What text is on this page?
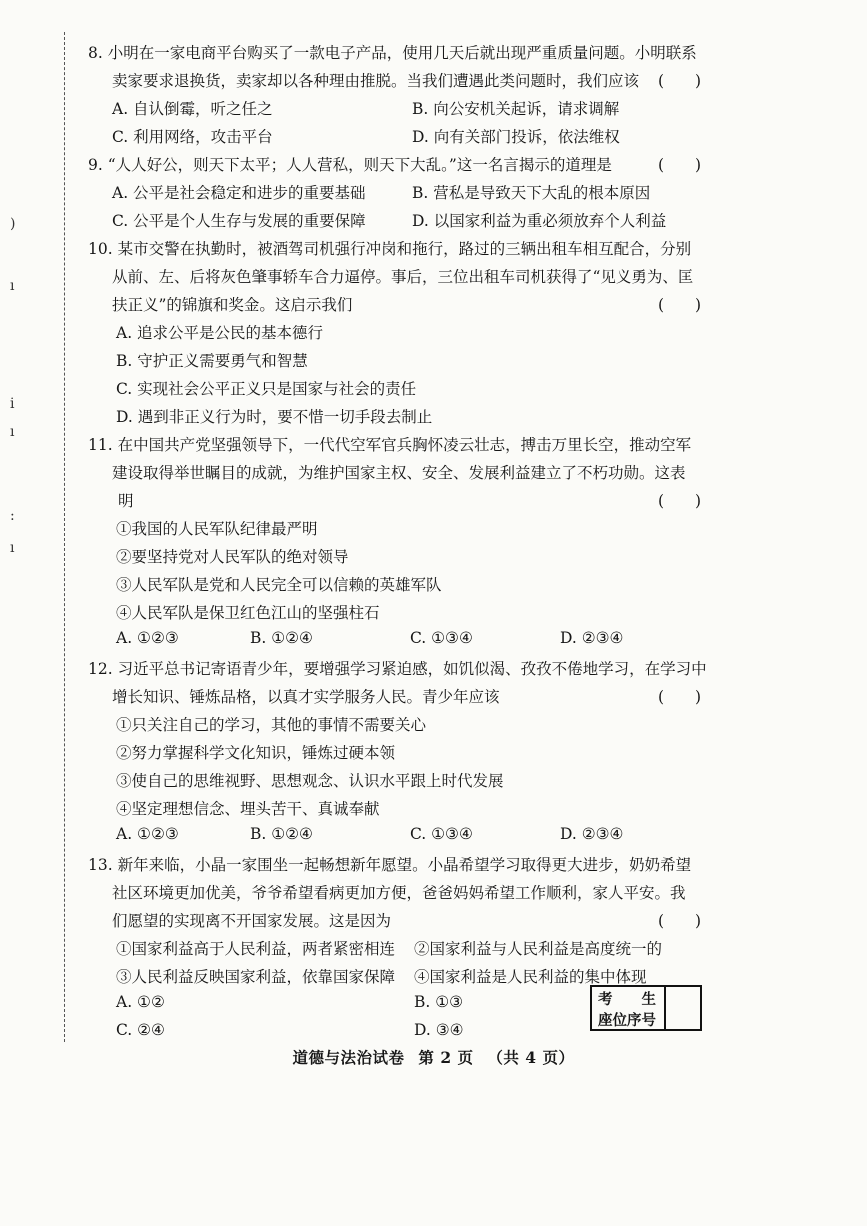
)
ı
i
ı
:
ı
8. 小明在一家电商平台购买了一款电子产品，使用几天后就出现严重质量问题。小明联系
卖家要求退换货，卖家却以各种理由推脱。当我们遭遇此类问题时，我们应该 (　　)
A. 自认倒霉，听之任之	B. 向公安机关起诉，请求调解
C. 利用网络，攻击平台	D. 向有关部门投诉，依法维权
9. “人人好公，则天下太平；人人营私，则天下大乱。”这一名言揭示的道理是	(　　)
A. 公平是社会稳定和进步的重要基础	B. 营私是导致天下大乱的根本原因
C. 公平是个人生存与发展的重要保障	D. 以国家利益为重必须放弃个人利益
10. 某市交警在执勤时，被酒驾司机强行冲岗和拖行，路过的三辆出租车相互配合，分别
从前、左、后将灰色肇事轿车合力逼停。事后，三位出租车司机获得了“见义勇为、匡
扶正义”的锦旗和奖金。这启示我们	(　　)
A. 追求公平是公民的基本德行
B. 守护正义需要勇气和智慧
C. 实现社会公平正义只是国家与社会的责任
D. 遇到非正义行为时，要不惜一切手段去制止
11. 在中国共产党坚强领导下，一代代空军官兵胸怀凌云壮志，搏击万里长空，推动空军
建设取得举世瞩目的成就，为维护国家主权、安全、发展利益建立了不朽功勋。这表
明	(　　)
①我国的人民军队纪律最严明
②要坚持党对人民军队的绝对领导
③人民军队是党和人民完全可以信赖的英雄军队
④人民军队是保卫红色江山的坚强柱石
A. ①②③	B. ①②④	C. ①③④	D. ②③④
12. 习近平总书记寄语青少年，要增强学习紧迫感，如饥似渴、孜孜不倦地学习，在学习中
增长知识、锤炼品格，以真才实学服务人民。青少年应该	(　　)
①只关注自己的学习，其他的事情不需要关心
②努力掌握科学文化知识，锤炼过硬本领
③使自己的思维视野、思想观念、认识水平跟上时代发展
④坚定理想信念、埋头苦干、真诚奉献
A. ①②③	B. ①②④	C. ①③④	D. ②③④
13. 新年来临，小晶一家围坐一起畅想新年愿望。小晶希望学习取得更大进步，奶奶希望
社区环境更加优美，爷爷希望看病更加方便，爸爸妈妈希望工作顺利，家人平安。我
们愿望的实现离不开国家发展。这是因为	(　　)
①国家利益高于人民利益，两者紧密相连 ②国家利益与人民利益是高度统一的
③人民利益反映国家利益，依靠国家保障 ④国家利益是人民利益的集中体现
A. ①②	B. ①③
C. ②④	D. ③④
考　　生
座位序号
道德与法治试卷 第 2 页 （共 4 页）
